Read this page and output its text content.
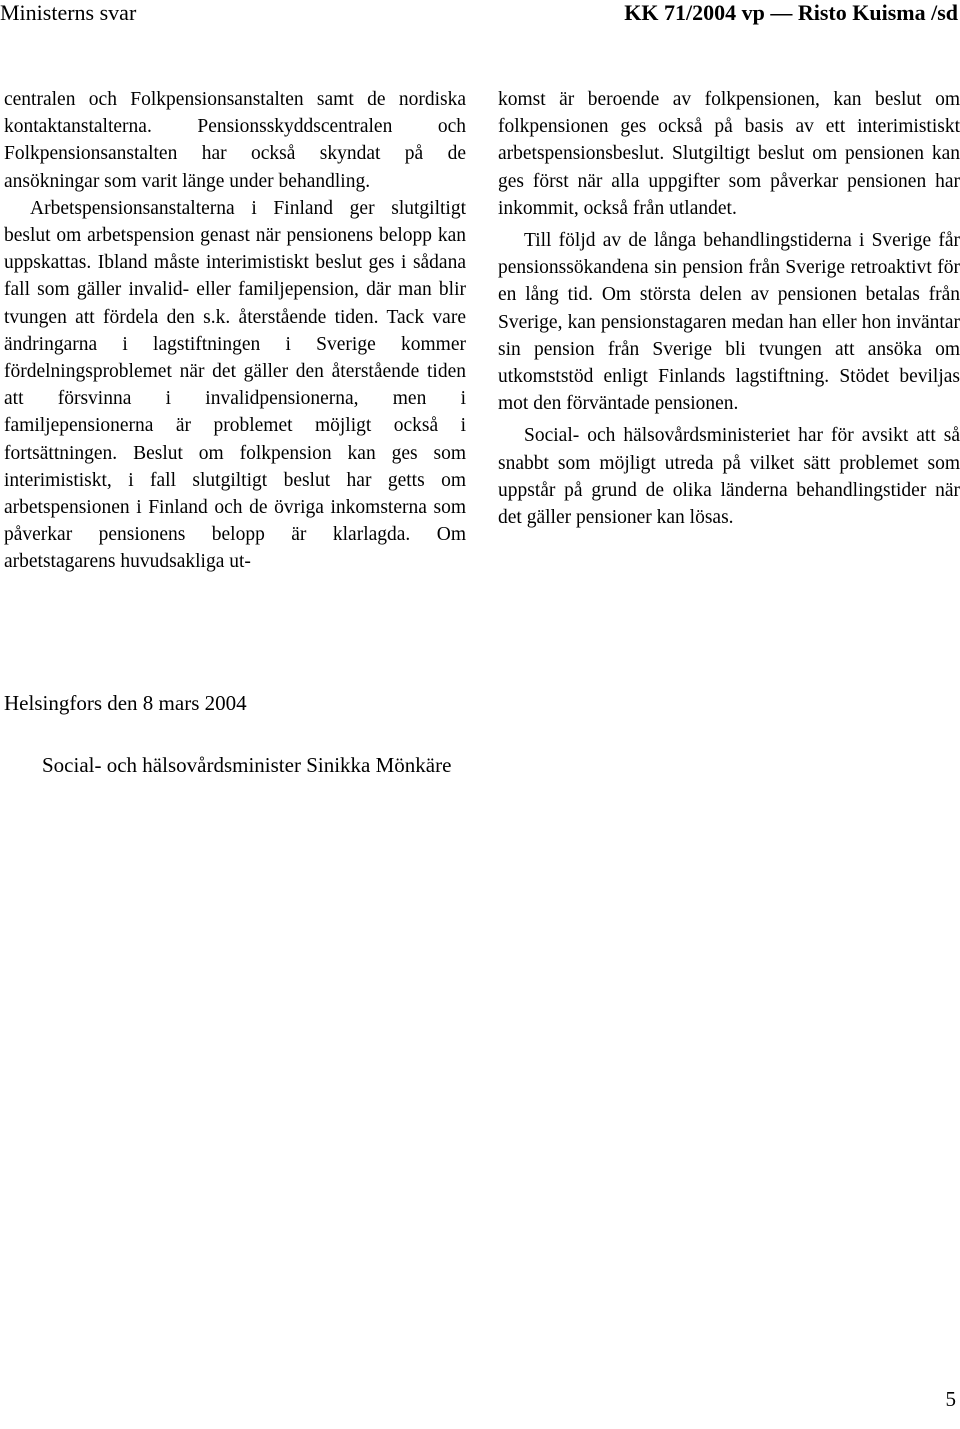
Ministerns svar	KK 71/2004 vp — Risto Kuisma /sd

centralen och Folkpensionsanstalten samt de nordiska kontaktanstalterna. Pensionsskyddscentralen och Folkpensionsanstalten har också skyndat på de ansökningar som varit länge under behandling.

Arbetspensionsanstalterna i Finland ger slutgiltigt beslut om arbetspension genast när pensionens belopp kan uppskattas. Ibland måste interimistiskt beslut ges i sådana fall som gäller invalid- eller familjepension, där man blir tvungen att fördela den s.k. återstående tiden. Tack vare ändringarna i lagstiftningen i Sverige kommer fördelningsproblemet när det gäller den återstående tiden att försvinna i invalidpensionerna, men i familjepensionerna är problemet möjligt också i fortsättningen. Beslut om folkpension kan ges som interimistiskt, i fall slutgiltigt beslut har getts om arbetspensionen i Finland och de övriga inkomsterna som påverkar pensionens belopp är klarlagda. Om arbetstagarens huvudsakliga ut-

komst är beroende av folkpensionen, kan beslut om folkpensionen ges också på basis av ett interimistiskt arbetspensionsbeslut. Slutgiltigt beslut om pensionen kan ges först när alla uppgifter som påverkar pensionen har inkommit, också från utlandet.

Till följd av de långa behandlingstiderna i Sverige får pensionssökandena sin pension från Sverige retroaktivt för en lång tid. Om största delen av pensionen betalas från Sverige, kan pensionstagaren medan han eller hon inväntar sin pension från Sverige bli tvungen att ansöka om utkomststöd enligt Finlands lagstiftning. Stödet beviljas mot den förväntade pensionen.

Social- och hälsovårdsministeriet har för avsikt att så snabbt som möjligt utreda på vilket sätt problemet som uppstår på grund de olika länderna behandlingstider när det gäller pensioner kan lösas.

Helsingfors den 8 mars 2004
Social- och hälsovårdsminister Sinikka Mönkäre
5
